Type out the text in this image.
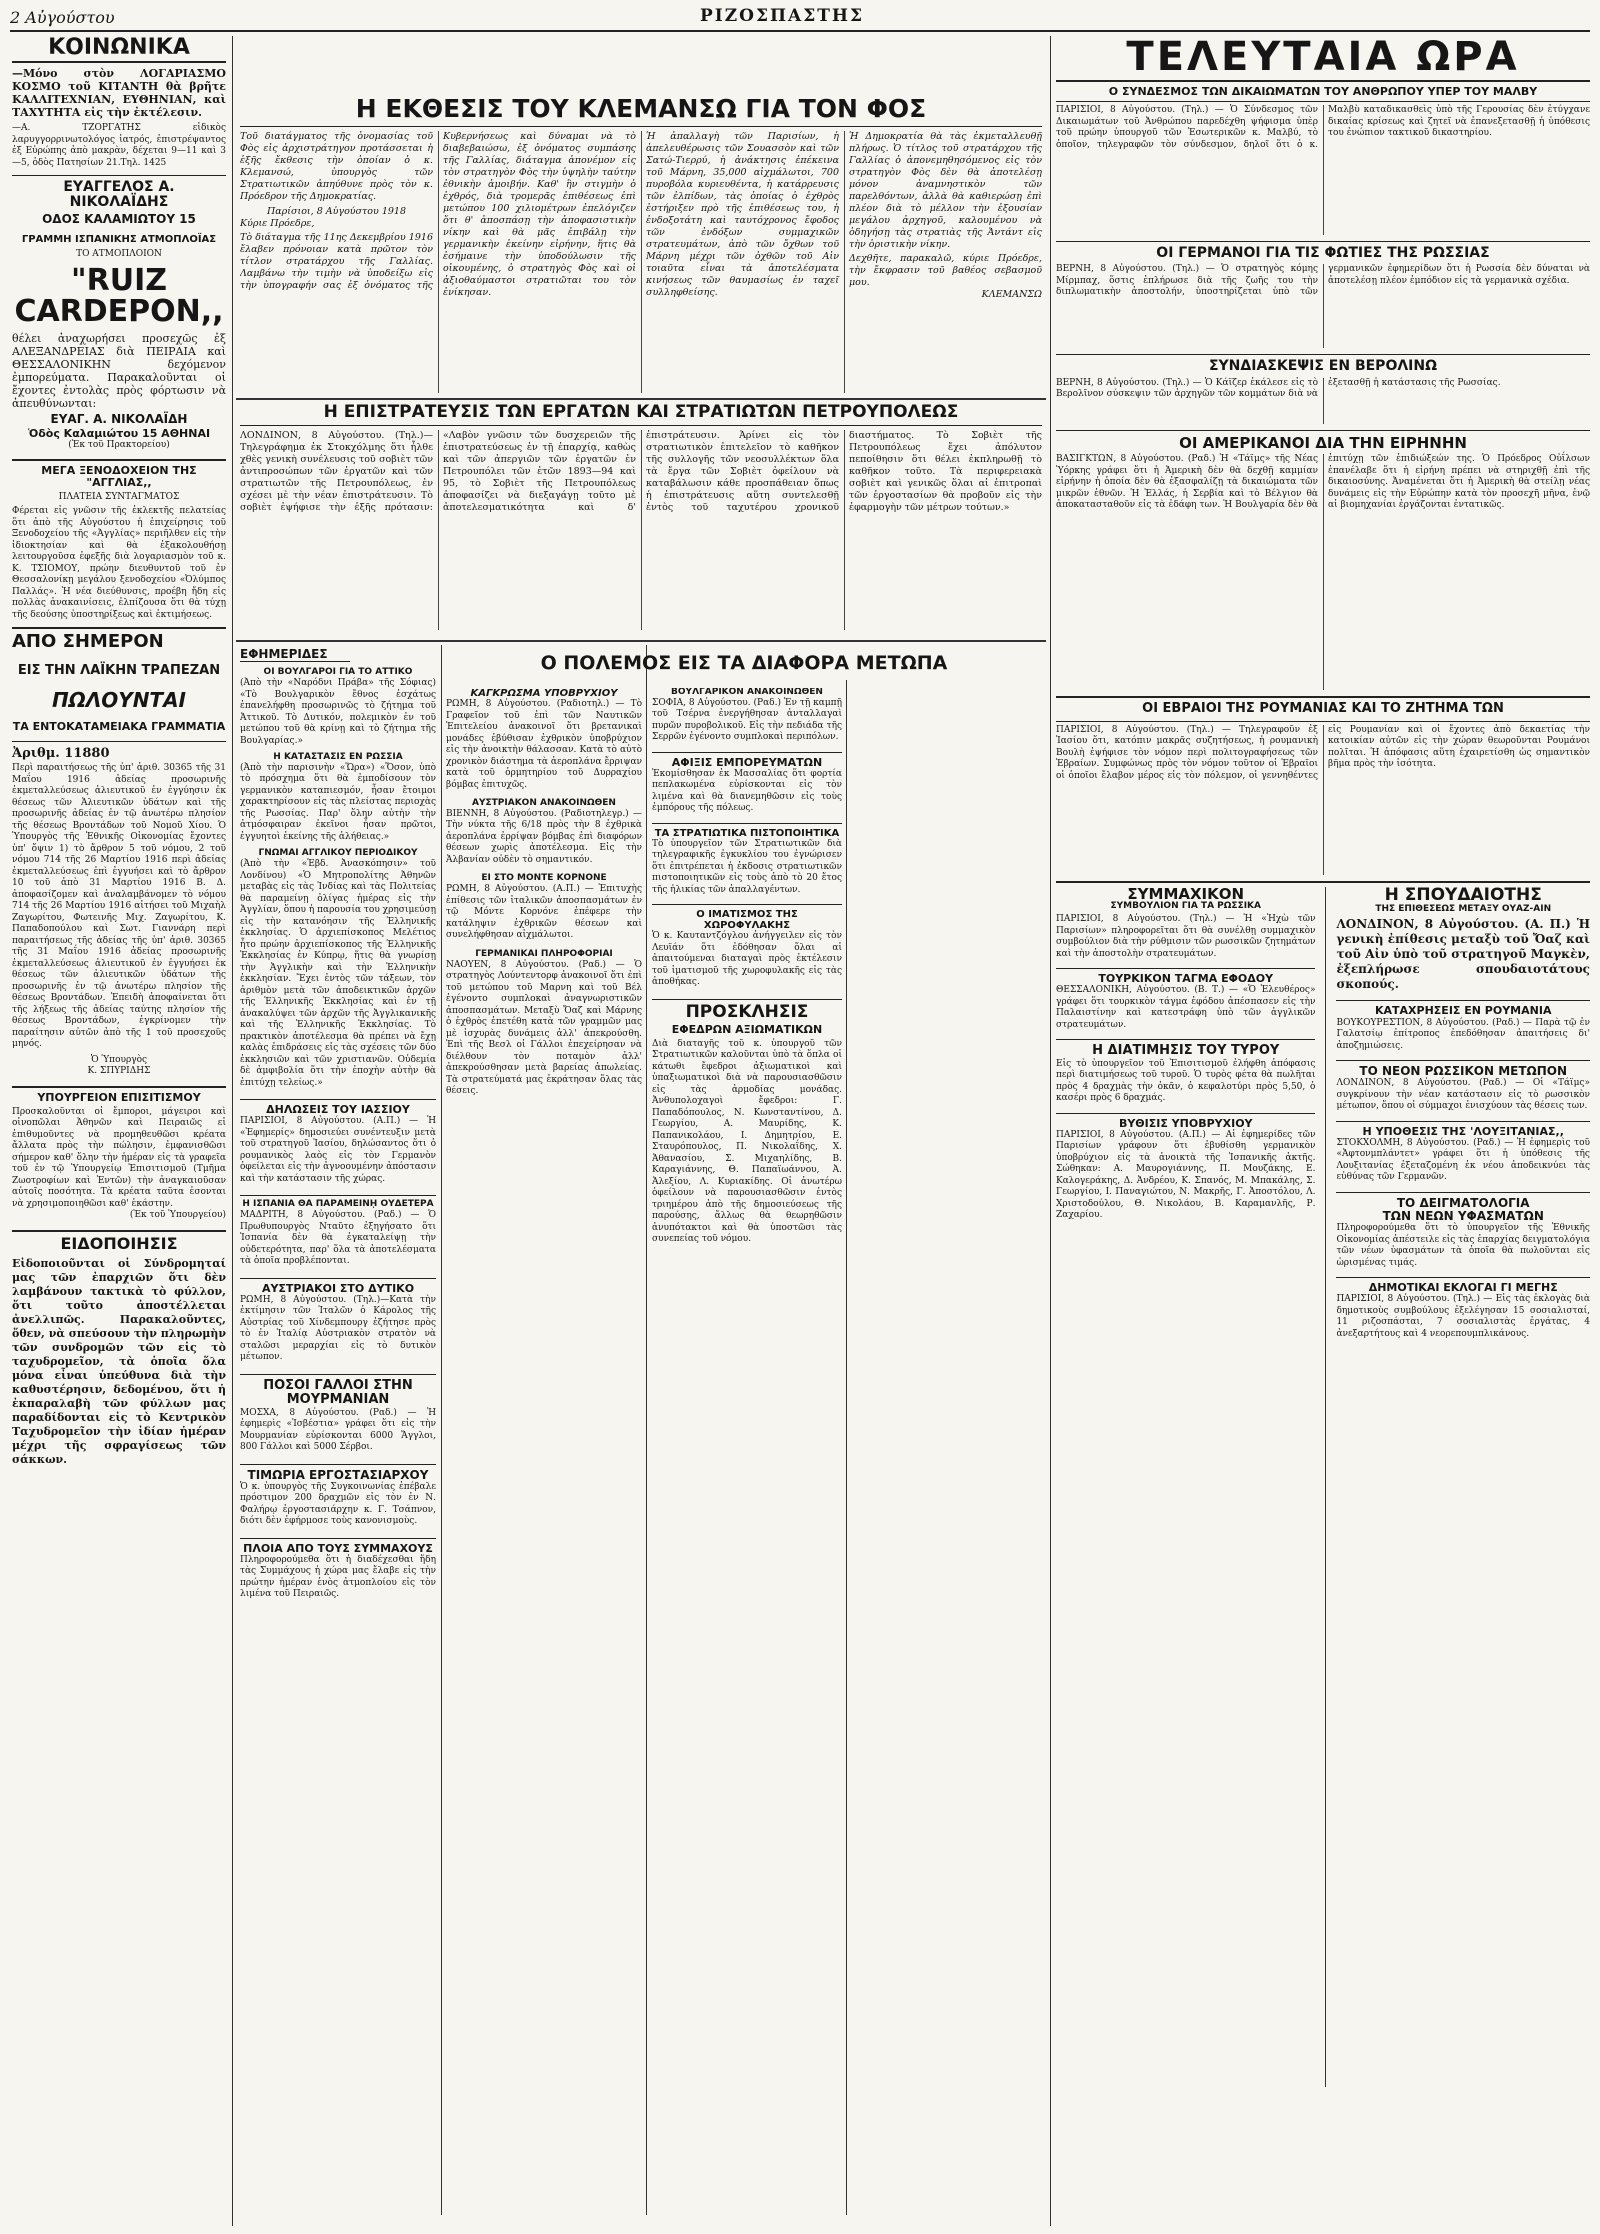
2 Αὐγούστου	ΡΙΖΟΣΠΑΣΤΗΣ
ΚΟΙΝΩΝΙΚΑ
—Μόνο στὸν ΛΟΓΑΡΙΑΣΜΟ ΚΟΣΜΟ τοῦ ΚΙΤΑΝΤΗ θὰ βρῆτε ΚΑΛΛΙΤΕΧΝΙΑΝ, ΕΥΘΗΝΙΑΝ, καὶ ΤΑΧΥΤΗΤΑ εἰς τὴν ἐκτέλεσιν.
—Α. ΤΖΟΡΓΑΤΗΣ εἰδικὸς λαρυγγορρινωτολόγος ἰατρός, ἐπιστρέψαντος ἐξ Εὐρώπης ἀπὸ μακρὰν, δέχεται 9—11 καὶ 3—5, ὁδὸς Πατησίων 21.Τηλ. 1425
ΕΥΑΓΓΕΛΟΣ Α. ΝΙΚΟΛΑΪΔΗΣ
ΟΔΟΣ ΚΑΛΑΜΙΩΤΟΥ 15
ΓΡΑΜΜΗ ΙΣΠΑΝΙΚΗΣ ΑΤΜΟΠΛΟΪΑΣ
ΤΟ ΑΤΜΟΠΛΟΙΟΝ
"RUIZ CARDEPON,,
θέλει ἀναχωρήσει προσεχῶς ἐξ ΑΛΕΞΑΝΔΡΕΙΑΣ διὰ ΠΕΙΡΑΙΑ καὶ ΘΕΣΣΑΛΟΝΙΚΗΝ δεχόμενον ἐμπορεύματα. Παρακαλοῦνται οἱ ἔχοντες ἐντολὰς πρὸς φόρτωσιν νὰ ἀπευθύνωνται:
ΕΥΑΓ. Α. ΝΙΚΟΛΑΪΔΗ
Ὁδὸς Καλαμιώτου 15 ΑΘΗΝΑΙ
(Ἐκ τοῦ Πρακτορείου)
ΜΕΓΑ ΞΕΝΟΔΟΧΕΙΟΝ ΤΗΣ "ΑΓΓΛΙΑΣ,,
ΠΛΑΤΕΙΑ ΣΥΝΤΑΓΜΑΤΟΣ
Φέρεται εἰς γνῶσιν τῆς ἐκλεκτῆς πελατείας ὅτι ἀπὸ τῆς Αὐγούστου ἡ ἐπιχείρησις τοῦ Ξενοδοχείου τῆς «Ἀγγλίας» περιῆλθεν εἰς τὴν ἰδιοκτησίαν καὶ θὰ ἐξακολουθήσῃ λειτουργοῦσα ἐφεξῆς διὰ λογαριασμὸν τοῦ κ. Κ. ΤΣΙΟΜΟΥ, πρώην διευθυντοῦ τοῦ ἐν Θεσσαλονίκῃ μεγάλου ξενοδοχείου «Ὀλύμπος Παλλάς». Ἡ νέα διεύθυνσις, προέβη ἤδη εἰς πολλὰς ἀνακαινίσεις, ἐλπίζουσα ὅτι θὰ τύχῃ τῆς δεούσης ὑποστηρίξεως καὶ ἐκτιμήσεως.
ΑΠΟ ΣΗΜΕΡΟΝ
ΕΙΣ ΤΗΝ ΛΑΪΚΗΝ ΤΡΑΠΕΖΑΝ
ΠΩΛΟΥΝΤΑΙ
ΤΑ ΕΝΤΟΚΑΤΑΜΕΙΑΚΑ ΓΡΑΜΜΑΤΙΑ
Ἀριθμ. 11880
Περὶ παραιτήσεως τῆς ὑπ' ἀριθ. 30365 τῆς 31 Μαΐου 1916 ἀδείας προσωρινῆς ἐκμεταλλεύσεως ἀλιευτικοῦ ἐν ἐγγύησιν ἐκ θέσεως τῶν Ἀλιευτικῶν ὑδάτων καὶ τῆς προσωρινῆς ἀδείας ἐν τῷ ἀνωτέρω πλησίον τῆς θέσεως Βροντάδων τοῦ Νομοῦ Χίου. Ὁ Ὑπουργὸς τῆς Ἐθνικῆς Οἰκονομίας ἔχοντες ὑπ' ὄψιν 1) τὸ ἄρθρον 5 τοῦ νόμου, 2 τοῦ νόμου 714 τῆς 26 Μαρτίου 1916 περὶ ἀδείας ἐκμεταλλεύσεως ἐπὶ ἐγγυήσει καὶ τὸ ἄρθρον 10 τοῦ ἀπὸ 31 Μαρτίου 1916 Β. Δ. ἀποφασίζομεν καὶ ἀναλαμβάνομεν τὸ νόμου 714 τῆς 26 Μαρτίου 1916 αἰτήσει τοῦ Μιχαὴλ Ζαγωρίτου, Φωτεινῆς Μιχ. Ζαγωρίτου, Κ. Παπαδοπούλου καὶ Σωτ. Γιαννάρη περὶ παραιτήσεως τῆς ἀδείας τῆς ὑπ' ἀριθ. 30365 τῆς 31 Μαΐου 1916 ἀδείας προσωρινῆς ἐκμεταλλεύσεως ἀλιευτικοῦ ἐν ἐγγυήσει ἐκ θέσεως τῶν ἀλιευτικῶν ὑδάτων τῆς προσωρινῆς ἐν τῷ ἀνωτέρω πλησίον τῆς θέσεως Βροντάδων. Ἐπειδὴ ἀποφαίνεται ὅτι τῆς λήξεως τῆς ἀδείας ταύτης πλησίον τῆς θέσεως Βροντάδων, ἐγκρίνομεν τὴν παραίτησιν αὐτῶν ἀπὸ τῆς 1 τοῦ προσεχοῦς μηνός.
Ὁ Ὑπουργὸς
Κ. ΣΠΥΡΙΔΗΣ
ΥΠΟΥΡΓΕΙΟΝ ΕΠΙΣΙΤΙΣΜΟΥ
Προσκαλοῦνται οἱ ἔμποροι, μάγειροι καὶ οἰνοπῶλαι Ἀθηνῶν καὶ Πειραιῶς εἰ ἐπιθυμοῦντες νὰ προμηθευθῶσι κρέατα ἄλλατα πρὸς τὴν πώλησιν, ἐμφανισθῶσι σήμερον καθ' ὅλην τὴν ἡμέραν εἰς τὰ γραφεῖα τοῦ ἐν τῷ Ὑπουργείῳ Ἐπισιτισμοῦ (Τμῆμα Ζωοτροφίων καὶ Ἐντῶν) τὴν ἀναγκαιοῦσαν αὐτοῖς ποσότητα. Τὰ κρέατα ταῦτα ἐσονται νὰ χρησιμοποιηθῶσι καθ' ἑκάστην.
(Ἐκ τοῦ Ὑπουργείου)
ΕΙΔΟΠΟΙΗΣΙΣ
Εἰδοποιοῦνται οἱ Σύνδρομηταί μας τῶν ἐπαρχιῶν ὅτι δὲν λαμβάνουν τακτικὰ τὸ φύλλον, ὅτι τοῦτο ἀποστέλλεται ἀνελλιπῶς. Παρακαλοῦντες, ὅθεν, νὰ σπεύσουν τὴν πληρωμὴν τῶν συνδρομῶν τῶν εἰς τὸ ταχυδρομεῖον, τὰ ὁποῖα ὅλα μόνα εἶναι ὑπεύθυνα διὰ τὴν καθυστέρησιν, δεδομένου, ὅτι ἡ ἐκπαραλαβὴ τῶν φύλλων μας παραδίδονται εἰς τὸ Κεντρικὸν Ταχυδρομεῖον τὴν ἰδίαν ἡμέραν μέχρι τῆς σφραγίσεως τῶν σάκκων.
Η ΕΚΘΕΣΙΣ ΤΟΥ ΚΛΕΜΑΝΣΩ ΓΙΑ ΤΟΝ ΦΟΣ
Τοῦ διατάγματος τῆς ὀνομασίας τοῦ Φὸς εἰς ἀρχιστράτηγον προτάσσεται ἡ ἑξῆς ἔκθεσις τὴν ὁποίαν ὁ κ. Κλεμανσώ, ὑπουργὸς τῶν Στρατιωτικῶν ἀπηύθυνε πρὸς τὸν κ. Πρόεδρον τῆς Δημοκρατίας.
Παρίσιοι, 8 Αὐγούστου 1918
Κύριε Πρόεδρε,
Τὸ διάταγμα τῆς 11ης Δεκεμβρίου 1916 ἔλαβεν πρόνοιαν κατὰ πρῶτον τὸν τίτλον στρατάρχου τῆς Γαλλίας. Λαμβάνω τὴν τιμὴν νὰ ὑποδείξω εἰς τὴν ὑπογραφήν σας ἐξ ὀνόματος τῆς Κυβερνήσεως καὶ δύναμαι νὰ τὸ διαβεβαιώσω, ἐξ ὀνόματος συμπάσης τῆς Γαλλίας, διάταγμα ἀπονέμον εἰς τὸν στρατηγὸν Φὸς τὴν ὑψηλὴν ταύτην ἐθνικὴν ἀμοιβήν. Καθ' ἣν στιγμὴν ὁ ἐχθρός, διὰ τρομερᾶς ἐπιθέσεως ἐπὶ μετώπου 100 χιλιομέτρων ἐπελόγιζεν ὅτι θ' ἀποσπάσῃ τὴν ἀποφασιστικὴν νίκην καὶ θὰ μᾶς ἐπιβάλῃ τὴν γερμανικὴν ἐκείνην εἰρήνην, ἥτις θὰ ἐσήμαινε τὴν ὑποδούλωσιν τῆς οἰκουμένης, ὁ στρατηγὸς Φὸς καὶ οἱ ἀξιοθαύμαστοι στρατιῶται του τὸν ἐνίκησαν.
Ἡ ἀπαλλαγὴ τῶν Παρισίων, ἡ ἀπελευθέρωσις τῶν Σουασσὸν καὶ τῶν Σατώ-Τιερρύ, ἡ ἀνάκτησις ἐπέκεινα τοῦ Μάρνη, 35,000 αἰχμάλωτοι, 700 πυροβόλα κυριευθέντα, ἡ κατάρρευσις τῶν ἐλπίδων, τὰς ὁποίας ὁ ἐχθρὸς ἐστήριξεν πρὸ τῆς ἐπιθέσεως του, ἡ ἐνδοξοτάτη καὶ ταυτόχρονος ἔφοδος τῶν ἐνδόξων συμμαχικῶν στρατευμάτων, ἀπὸ τῶν ὄχθων τοῦ Μάρνη μέχρι τῶν ὀχθῶν τοῦ Αἰν τοιαῦτα εἶναι τὰ ἀποτελέσματα κινήσεως τῶν θαυμασίως ἐν ταχεῖ συλληφθείσης.
Ἡ Δημοκρατία θὰ τὰς ἐκμεταλλευθῇ πλήρως. Ὁ τίτλος τοῦ στρατάρχου τῆς Γαλλίας ὁ ἀπονεμηθησόμενος εἰς τὸν στρατηγὸν Φὸς δὲν θὰ ἀποτελέσῃ μόνον ἀναμνηστικὸν τῶν παρελθόντων, ἀλλὰ θὰ καθιερώσῃ ἐπὶ πλέον διὰ τὸ μέλλον τὴν ἐξουσίαν μεγάλου ἀρχηγοῦ, καλουμένου νὰ ὁδηγήσῃ τὰς στρατιὰς τῆς Ἀντάντ εἰς τὴν ὁριστικὴν νίκην.
Δεχθῆτε, παρακαλῶ, κύριε Πρόεδρε, τὴν ἔκφρασιν τοῦ βαθέος σεβασμοῦ μου.
ΚΛΕΜΑΝΣΩ
Η ΕΠΙΣΤΡΑΤΕΥΣΙΣ ΤΩΝ ΕΡΓΑΤΩΝ ΚΑΙ ΣΤΡΑΤΙΩΤΩΝ ΠΕΤΡΟΥΠΟΛΕΩΣ
ΛΟΝΔΙΝΟΝ, 8 Αὐγούστου. (Τηλ.)—Τηλεγράφημα ἐκ Στοκχόλμης ὅτι ἦλθε χθὲς γενικὴ συνέλευσις τοῦ σοβιὲτ τῶν ἀντιπροσώπων τῶν ἐργατῶν καὶ τῶν στρατιωτῶν τῆς Πετρουπόλεως, ἐν σχέσει μὲ τὴν νέαν ἐπιστράτευσιν. Τὸ σοβιὲτ ἐψήφισε τὴν ἑξῆς πρότασιν: «Λαβὸν γνῶσιν τῶν δυσχερειῶν τῆς ἐπιστρατεύσεως ἐν τῇ ἐπαρχίᾳ, καθὼς καὶ τῶν ἀπεργιῶν τῶν ἐργατῶν ἐν Πετρουπόλει τῶν ἐτῶν 1893—94 καὶ 95, τὸ Σοβιὲτ τῆς Πετρουπόλεως ἀποφασίζει νὰ διεξαγάγῃ τοῦτο μὲ ἀποτελεσματικότητα καὶ δ' ἐπιστράτευσιν. Ἀρίνει εἰς τὸν στρατιωτικὸν ἐπιτελεῖον τὸ καθῆκον τῆς συλλογῆς τῶν νεοσυλλέκτων ὅλα τὰ ἔργα τῶν Σοβιὲτ ὀφείλουν νὰ καταβάλωσιν κάθε προσπάθειαν ὅπως ἡ ἐπιστράτευσις αὕτη συντελεσθῇ ἐντὸς τοῦ ταχυτέρου χρονικοῦ διαστήματος. Τὸ Σοβιὲτ τῆς Πετρουπόλεως ἔχει ἀπόλυτον πεποίθησιν ὅτι θέλει ἐκπληρωθῇ τὸ καθῆκον τοῦτο. Τὰ περιφερειακὰ σοβιὲτ καὶ γενικῶς ὅλαι αἱ ἐπιτροπαὶ τῶν ἐργοστασίων θὰ προβοῦν εἰς τὴν ἐφαρμογὴν τῶν μέτρων τούτων.»
ΕΦΗΜΕΡΙΔΕΣ
ΟΙ ΒΟΥΛΓΑΡΟΙ ΓΙΑ ΤΟ ΑΤΤΙΚΟ
(Ἀπὸ τὴν «Ναρόδνι Πράβα» τῆς Σόφιας) «Τὸ Βουλγαρικὸν ἔθνος ἐσχάτως ἐπανελήφθη προσωρινῶς τὸ ζήτημα τοῦ Ἀττικοῦ. Τὸ Δυτικόν, πολεμικὸν ἐν τοῦ μετώπου τοῦ θὰ κρίνῃ καὶ τὸ ζήτημα τῆς Βουλγαρίας.»
Η ΚΑΤΑΣΤΑΣΙΣ ΕΝ ΡΩΣΣΙΑ
(Ἀπὸ τὴν παρισινὴν «Ὥρα») «Ὅσον, ὑπὸ τὸ πρόσχημα ὅτι θὰ ἐμποδίσουν τὸν γερμανικὸν καταπιεσμόν, ἦσαν ἔτοιμοι χαρακτηρίσουν εἰς τὰς πλείστας περιοχὰς τῆς Ρωσσίας. Παρ' ὅλην αὐτὴν τὴν ἀτμόσφαιραν ἐκεῖνοι ἦσαν πρῶτοι, ἐγγυητοὶ ἐκείνης τῆς ἀλήθειας.»
ΓΝΩΜΑΙ ΑΓΓΛΙΚΟΥ ΠΕΡΙΟΔΙΚΟΥ
(Ἀπὸ τὴν «Ἑβδ. Ἀνασκόπησιν» τοῦ Λονδίνου) «Ὁ Μητροπολίτης Ἀθηνῶν μεταβὰς εἰς τὰς Ἰνδίας καὶ τὰς Πολιτείας θὰ παραμείνῃ ὀλίγας ἡμέρας εἰς τὴν Ἀγγλίαν, ὅπου ἡ παρουσία του χρησιμεύσῃ εἰς τὴν κατανόησιν τῆς Ἑλληνικῆς ἐκκλησίας. Ὁ ἀρχιεπίσκοπος Μελέτιος ἦτο πρώην ἀρχιεπίσκοπος τῆς Ἑλληνικῆς Ἐκκλησίας ἐν Κύπρῳ, ἥτις θὰ γνωρίσῃ τὴν Ἀγγλικὴν καὶ τὴν Ἑλληνικὴν ἐκκλησίαν. Ἔχει ἐντὸς τῶν τάξεων, τὸν ἀριθμὸν μετὰ τῶν ἀποδεικτικῶν ἀρχῶν τῆς Ἑλληνικῆς Ἐκκλησίας καὶ ἐν τῇ ἀνακαλύψει τῶν ἀρχῶν τῆς Ἀγγλικανικῆς καὶ τῆς Ἑλληνικῆς Ἐκκλησίας. Τὸ πρακτικὸν ἀποτέλεσμα θὰ πρέπει νὰ ἔχῃ καλὰς ἐπιδράσεις εἰς τὰς σχέσεις τῶν δύο ἐκκλησιῶν καὶ τῶν χριστιανῶν. Οὐδεμία δὲ ἀμφιβολία ὅτι τὴν ἐποχὴν αὐτὴν θὰ ἐπιτύχῃ τελείως.»
ΔΗΛΩΣΕΙΣ ΤΟΥ ΙΑΣΣΙΟΥ
ΠΑΡΙΣΙΟΙ, 8 Αὐγούστου. (Α.Π.) — Ἡ «Ἐφημερίς» δημοσιεύει συνέντευξιν μετὰ τοῦ στρατηγοῦ Ἰασίου, δηλώσαντος ὅτι ὁ ρουμανικὸς λαὸς εἰς τὸν Γερμανὸν ὀφείλεται εἰς τὴν ἀγνοουμένην ἀπόστασιν καὶ τὴν κατάστασιν τῆς χώρας.
Η ΙΣΠΑΝΙΑ ΘΑ ΠΑΡΑΜΕΙΝῌ ΟΥΔΕΤΕΡΑ
ΜΑΔΡΙΤΗ, 8 Αὐγούστου. (Ραδ.) — Ὁ Πρωθυπουργὸς Νταῦτο ἐξηγήσατο ὅτι Ἰσπανία δὲν θὰ ἐγκαταλείψῃ τὴν οὐδετερότητα, παρ' ὅλα τὰ ἀποτελέσματα τὰ ὁποῖα προβλέπονται.
ΑΥΣΤΡΙΑΚΟΙ ΣΤΟ ΔΥΤΙΚΟ
ΡΩΜΗ, 8 Αὐγούστου. (Τηλ.)—Κατὰ τὴν ἐκτίμησιν τῶν Ἰταλῶν ὁ Κάρολος τῆς Αὐστρίας τοῦ Χίνδεμπουργ ἐζήτησε πρὸς τὸ ἐν Ἰταλίᾳ Αὐστριακὸν στρατὸν νὰ σταλῶσι μεραρχίαι εἰς τὸ δυτικὸν μέτωπον.
ΠΟΣΟΙ ΓΑΛΛΟΙ ΣΤΗΝ ΜΟΥΡΜΑΝΙΑΝ
ΜΟΣΧΑ, 8 Αὐγούστου. (Ραδ.) — Ἡ ἐφημερὶς «Ἰσβέστια» γράφει ὅτι εἰς τὴν Μουρμανίαν εὑρίσκονται 6000 Ἄγγλοι, 800 Γάλλοι καὶ 5000 Σέρβοι.
ΤΙΜΩΡΙΑ ΕΡΓΟΣΤΑΣΙΑΡΧΟΥ
Ὁ κ. ὑπουργὸς τῆς Συγκοινωνίας ἐπέβαλε πρόστιμον 200 δραχμῶν εἰς τὸν ἐν Ν. Φαλήρῳ ἐργοστασιάρχην κ. Γ. Τσάπνον, διότι δὲν ἐφήρμοσε τοὺς κανονισμοὺς.
ΠΛΟΙΑ ΑΠΟ ΤΟΥΣ ΣΥΜΜΑΧΟΥΣ
Πληροφορούμεθα ὅτι ἡ διαδέχεσθαι ἥδη τὰς Συμμάχους ἡ χώρα μας ἔλαβε εἰς τὴν πρώτην ἡμέραν ἑνὸς ἀτμοπλοίου εἰς τὸν λιμένα τοῦ Πειραιῶς.
Ο ΠΟΛΕΜΟΣ ΕΙΣ ΤΑ ΔΙΑΦΟΡΑ ΜΕΤΩΠΑ
ΚΑΓΚΡΩΣΜΑ ΥΠΟΒΡΥΧΙΟΥ
ΡΩΜΗ, 8 Αὐγούστου. (Ραδιοτηλ.) — Τὸ Γραφεῖον τοῦ ἐπὶ τῶν Ναυτικῶν Ἐπιτελείου ἀνακοινοῖ ὅτι βρετανικαὶ μονάδες ἐβύθισαν ἐχθρικὸν ὑποβρύχιον εἰς τὴν ἀνοικτὴν θάλασσαν. Κατὰ τὸ αὐτὸ χρονικὸν διάστημα τὰ ἀεροπλάνα ἔρριψαν κατὰ τοῦ ὁρμητηρίου τοῦ Δυρραχίου βόμβας ἐπιτυχῶς.
ΑΥΣΤΡΙΑΚΟΝ ΑΝΑΚΟΙΝΩΘΕΝ
ΒΙΕΝΝΗ, 8 Αὐγούστου. (Ραδιοτηλεγρ.) — Τὴν νύκτα τῆς 6/18 πρὸς τὴν 8 ἐχθρικὰ ἀεροπλάνα ἐρρίψαν βόμβας ἐπὶ διαφόρων θέσεων χωρὶς ἀποτέλεσμα. Εἰς τὴν Ἀλβανίαν οὐδὲν τὸ σημαντικόν.
ΕΙ ΣΤΟ ΜΟΝΤΕ ΚΟΡΝΟΝΕ
ΡΩΜΗ, 8 Αὐγούστου. (Α.Π.) — Ἐπιτυχὴς ἐπίθεσις τῶν ἰταλικῶν ἀποσπασμάτων ἐν τῷ Μόντε Κορνόνε ἐπέφερε τὴν κατάληψιν ἐχθρικῶν θέσεων καὶ συνελήφθησαν αἰχμάλωτοι.
ΓΕΡΜΑΝΙΚΑΙ ΠΛΗΡΟΦΟΡΙΑΙ
ΝΑΟΥΕΝ, 8 Αὐγούστου. (Ραδ.) — Ὁ στρατηγὸς Λούντεντορφ ἀνακοινοῖ ὅτι ἐπὶ τοῦ μετώπου τοῦ Μαρνη καὶ τοῦ Βέλ ἐγένοντο συμπλοκαὶ ἀναγνωριστικῶν ἀποσπασμάτων. Μεταξὺ Ὄαζ καὶ Μάρνης ὁ ἐχθρὸς ἐπετέθη κατὰ τῶν γραμμῶν μας μὲ ἰσχυρὰς δυνάμεις ἀλλ' ἀπεκρούσθη. Ἐπὶ τῆς Βεσλ οἱ Γάλλοι ἐπεχείρησαν νὰ διέλθουν τὸν ποταμὸν ἀλλ' ἀπεκρούσθησαν μετὰ βαρείας ἀπωλείας. Τὰ στρατεύματά μας ἐκράτησαν ὅλας τὰς θέσεις.
ΒΟΥΛΓΑΡΙΚΟΝ ΑΝΑΚΟΙΝΩΘΕΝ
ΣΟΦΙΑ, 8 Αὐγούστου. (Ραδ.) Ἐν τῇ καμπῇ τοῦ Τσέρνα ἐνεργήθησαν ἀνταλλαγαὶ πυρῶν πυροβολικοῦ. Εἰς τὴν πεδιάδα τῆς Σερρῶν ἐγένοντο συμπλοκαὶ περιπόλων.
ΑΦΙΞΙΣ ΕΜΠΟΡΕΥΜΑΤΩΝ
Ἐκομίσθησαν ἐκ Μασσαλίας ὅτι φορτία πεπλακωμένα εὑρίσκονται εἰς τὸν λιμένα καὶ θὰ διανεμηθῶσιν εἰς τοὺς ἐμπόρους τῆς πόλεως.
ΤΑ ΣΤΡΑΤΙΩΤΙΚΑ ΠΙΣΤΟΠΟΙΗΤΙΚΑ
Τὸ ὑπουργεῖον τῶν Στρατιωτικῶν διὰ τηλεγραφικῆς ἐγκυκλίου του ἐγνώρισεν ὅτι ἐπιτρέπεται ἡ ἐκδοσις στρατιωτικῶν πιστοποιητικῶν εἰς τοὺς ἀπὸ τὸ 20 ἔτος τῆς ἡλικίας τῶν ἀπαλλαγέντων.
Ο ΙΜΑΤΙΣΜΟΣ ΤΗΣ ΧΩΡΟΦΥΛΑΚΗΣ
Ὁ κ. Καυταντζόγλου ἀνήγγειλεν εἰς τὸν Λευϊάν ὅτι ἐδόθησαν ὅλαι αἱ ἀπαιτούμεναι διαταγαὶ πρὸς ἐκτέλεσιν τοῦ ἱματισμοῦ τῆς χωροφυλακῆς εἰς τὰς ἀποθήκας.
ΠΡΟΣΚΛΗΣΙΣ
ΕΦΕΔΡΩΝ ΑΞΙΩΜΑΤΙΚΩΝ
Διὰ διαταγῆς τοῦ κ. ὑπουργοῦ τῶν Στρατιωτικῶν καλοῦνται ὑπὸ τὰ ὅπλα οἱ κάτωθι ἔφεδροι ἀξιωματικοὶ καὶ ὑπαξιωματικοὶ διὰ νὰ παρουσιασθῶσιν εἰς τὰς ἀρμοδίας μονάδας. Ἀνθυπολοχαγοὶ ἔφεδροι: Γ. Παπαδόπουλος, Ν. Κωνσταντίνου, Δ. Γεωργίου, Α. Μαυρίδης, Κ. Παπανικολάου, Ι. Δημητρίου, Ε. Σταυρόπουλος, Π. Νικολαΐδης, Χ. Ἀθανασίου, Σ. Μιχαηλίδης, Β. Καραγιάννης, Θ. Παπαϊωάννου, Ἀ. Ἀλεξίου, Λ. Κυριακίδης. Οἱ ἀνωτέρω ὀφείλουν νὰ παρουσιασθῶσιν ἐντὸς τριημέρου ἀπὸ τῆς δημοσιεύσεως τῆς παρούσης, ἄλλως θὰ θεωρηθῶσιν ἀνυπότακτοι καὶ θὰ ὑποστῶσι τὰς συνεπείας τοῦ νόμου.
ΤΕΛΕΥΤΑΙΑ ΩΡΑ
Ο ΣΥΝΔΕΣΜΟΣ ΤΩΝ ΔΙΚΑΙΩΜΑΤΩΝ ΤΟΥ ΑΝΘΡΩΠΟΥ ΥΠΕΡ ΤΟΥ ΜΑΛΒΥ
ΠΑΡΙΣΙΟΙ, 8 Αὐγούστου. (Τηλ.) — Ὁ Σύνδεσμος τῶν Δικαιωμάτων τοῦ Ἀνθρώπου παρεδέχθη ψήφισμα ὑπὲρ τοῦ πρώην ὑπουργοῦ τῶν Ἐσωτερικῶν κ. Μαλβύ, τὸ ὁποῖον, τηλεγραφῶν τὸν σύνδεσμον, δηλοῖ ὅτι ὁ κ. Μαλβὺ καταδικασθεὶς ὑπὸ τῆς Γερουσίας δὲν ἐτύγχανε δικαίας κρίσεως καὶ ζητεῖ νὰ ἐπανεξετασθῇ ἡ ὑπόθεσις του ἐνώπιον τακτικοῦ δικαστηρίου.
ΟΙ ΓΕΡΜΑΝΟΙ ΓΙΑ ΤΙΣ ΦΩΤΙΕΣ ΤΗΣ ΡΩΣΣΙΑΣ
ΒΕΡΝΗ, 8 Αὐγούστου. (Τηλ.) — Ὁ στρατηγὸς κόμης Μίρμπαχ, ὅστις ἐπλήρωσε διὰ τῆς ζωῆς του τὴν διπλωματικὴν ἀποστολήν, ὑποστηρίζεται ὑπὸ τῶν γερμανικῶν ἐφημερίδων ὅτι ἡ Ρωσσία δὲν δύναται νὰ ἀποτελέσῃ πλέον ἐμπόδιον εἰς τὰ γερμανικὰ σχέδια.
ΣΥΝΔΙΑΣΚΕΨΙΣ ΕΝ ΒΕΡΟΛΙΝΩ
ΒΕΡΝΗ, 8 Αὐγούστου. (Τηλ.) — Ὁ Κάϊζερ ἐκάλεσε εἰς τὸ Βερολῖνον σύσκεψιν τῶν ἀρχηγῶν τῶν κομμάτων διὰ νὰ ἐξετασθῇ ἡ κατάστασις τῆς Ρωσσίας.
ΟΙ ΑΜΕΡΙΚΑΝΟΙ ΔΙΑ ΤΗΝ ΕΙΡΗΝΗΝ
ΒΑΣΙΓΚΤΩΝ, 8 Αὐγούστου. (Ραδ.) Ἡ «Τάϊμς» τῆς Νέας Ὑόρκης γράφει ὅτι ἡ Ἀμερικὴ δὲν θὰ δεχθῇ καμμίαν εἰρήνην ἡ ὁποία δὲν θὰ ἐξασφαλίζῃ τὰ δικαιώματα τῶν μικρῶν ἐθνῶν. Ἡ Ἑλλάς, ἡ Σερβία καὶ τὸ Βέλγιον θὰ ἀποκατασταθοῦν εἰς τὰ ἐδάφη των. Ἡ Βουλγαρία δὲν θὰ ἐπιτύχῃ τῶν ἐπιδιώξεών της. Ὁ Πρόεδρος Οὐΐλσων ἐπανέλαβε ὅτι ἡ εἰρήνη πρέπει νὰ στηριχθῇ ἐπὶ τῆς δικαιοσύνης. Ἀναμένεται ὅτι ἡ Ἀμερικὴ θὰ στείλῃ νέας δυνάμεις εἰς τὴν Εὐρώπην κατὰ τὸν προσεχῆ μῆνα, ἐνῷ αἱ βιομηχανίαι ἐργάζονται ἐντατικῶς.
ΟΙ ΕΒΡΑΙΟΙ ΤΗΣ ΡΟΥΜΑΝΙΑΣ ΚΑΙ ΤΟ ΖΗΤΗΜΑ ΤΩΝ
ΠΑΡΙΣΙΟΙ, 8 Αὐγούστου. (Τηλ.) — Τηλεγραφοῦν ἐξ Ἰασίου ὅτι, κατόπιν μακρᾶς συζητήσεως, ἡ ρουμανικὴ Βουλὴ ἐψήφισε τὸν νόμον περὶ πολιτογραφήσεως τῶν Ἑβραίων. Συμφώνως πρὸς τὸν νόμον τοῦτον οἱ Ἑβραῖοι οἱ ὁποῖοι ἔλαβον μέρος εἰς τὸν πόλεμον, οἱ γεννηθέντες εἰς Ρουμανίαν καὶ οἱ ἔχοντες ἀπὸ δεκαετίας τὴν κατοικίαν αὐτῶν εἰς τὴν χώραν θεωροῦνται Ρουμάνοι πολῖται. Ἡ ἀπόφασις αὕτη ἐχαιρετίσθη ὡς σημαντικὸν βῆμα πρὸς τὴν ἰσότητα.
ΣΥΜΜΑΧΙΚΟΝ
ΣΥΜΒΟΥΛΙΟΝ ΓΙΑ ΤΑ ΡΩΣΣΙΚΑ
ΠΑΡΙΣΙΟΙ, 8 Αὐγούστου. (Τηλ.) — Ἡ «Ἠχὼ τῶν Παρισίων» πληροφορεῖται ὅτι θὰ συνέλθῃ συμμαχικὸν συμβούλιον διὰ τὴν ρύθμισιν τῶν ρωσσικῶν ζητημάτων καὶ τὴν ἀποστολὴν στρατευμάτων.
ΤΟΥΡΚΙΚΟΝ ΤΑΓΜΑ ΕΦΟΔΟΥ
ΘΕΣΣΑΛΟΝΙΚΗ, Αὐγούστου. (Β. Τ.) — «Ὁ Ἐλευθέρος» γράφει ὅτι τουρκικὸν τάγμα ἐφόδου ἀπέσπασεν εἰς τὴν Παλαιστίνην καὶ κατεστράφη ὑπὸ τῶν ἀγγλικῶν στρατευμάτων.
Η ΔΙΑΤΙΜΗΣΙΣ ΤΟΥ ΤΥΡΟΥ
Εἰς τὸ ὑπουργεῖον τοῦ Ἐπισιτισμοῦ ἐλήφθη ἀπόφασις περὶ διατιμήσεως τοῦ τυροῦ. Ὁ τυρὸς φέτα θὰ πωλῆται πρὸς 4 δραχμὰς τὴν ὀκᾶν, ὁ κεφαλοτύρι πρὸς 5,50, ὁ κασέρι πρὸς 6 δραχμάς.
ΒΥΘΙΣΙΣ ΥΠΟΒΡΥΧΙΟΥ
ΠΑΡΙΣΙΟΙ, 8 Αὐγούστου. (Α.Π.) — Αἱ ἐφημερίδες τῶν Παρισίων γράφουν ὅτι ἐβυθίσθη γερμανικὸν ὑποβρύχιον εἰς τὰ ἀνοικτὰ τῆς Ἰσπανικῆς ἀκτῆς. Σώθηκαν: Α. Μαυρογιάννης, Π. Μουζάκης, Ε. Καλογεράκης, Δ. Ἀνδρέου, Κ. Σπανός, Μ. Μπακάλης, Σ. Γεωργίου, Ι. Παναγιώτου, Ν. Μακρῆς, Γ. Ἀποστόλου, Λ. Χριστοδούλου, Θ. Νικολάου, Β. Καραμανλῆς, Ρ. Ζαχαρίου.
Η ΣΠΟΥΔΑΙΟΤΗΣ
ΤΗΣ ΕΠΙΘΕΣΕΩΣ ΜΕΤΑΞΥ ΟΥΑΖ-ΑΙΝ
ΛΟΝΔΙΝΟΝ, 8 Αὐγούστου. (Α. Π.) Ἡ γενικὴ ἐπίθεσις μεταξὺ τοῦ Ὄαζ καὶ τοῦ Αἰν ὑπὸ τοῦ στρατηγοῦ Μαγκὲν, ἐξεπλήρωσε σπουδαιοτάτους σκοπούς.
ΚΑΤΑΧΡΗΣΕΙΣ ΕΝ ΡΟΥΜΑΝΙΑ
ΒΟΥΚΟΥΡΕΣΤΙΟΝ, 8 Αὐγούστου. (Ραδ.) — Παρὰ τῷ ἐν Γαλατσίῳ ἐπίτροπος ἐπεδόθησαν ἀπαιτήσεις δι' ἀποζημιώσεις.
ΤΟ ΝΕΟΝ ΡΩΣΣΙΚΟΝ ΜΕΤΩΠΟΝ
ΛΟΝΔΙΝΟΝ, 8 Αὐγούστου. (Ραδ.) — Οἱ «Τάϊμς» συγκρίνουν τὴν νέαν κατάστασιν εἰς τὸ ρωσσικὸν μέτωπον, ὅπου οἱ σύμμαχοι ἐνισχύουν τὰς θέσεις των.
Η ΥΠΟΘΕΣΙΣ ΤΗΣ 'ΛΟΥΞΙΤΑΝΙΑΣ,,
ΣΤΟΚΧΟΛΜΗ, 8 Αὐγούστου. (Ραδ.) — Ἡ ἐφημερὶς τοῦ «Ἀφτονμπλάντετ» γράφει ὅτι ἡ ὑπόθεσις τῆς Λουξιτανίας ἐξεταζομένη ἐκ νέου ἀποδεικνύει τὰς εὐθύνας τῶν Γερμανῶν.
ΤΟ ΔΕΙΓΜΑΤΟΛΟΓΙΑ
ΤΩΝ ΝΕΩΝ ΥΦΑΣΜΑΤΩΝ
Πληροφορούμεθα ὅτι τὸ ὑπουργεῖον τῆς Ἐθνικῆς Οἰκονομίας ἀπέστειλε εἰς τὰς ἐπαρχίας δειγματολόγια τῶν νέων ὑφασμάτων τὰ ὁποῖα θὰ πωλοῦνται εἰς ὡρισμένας τιμάς.
ΔΗΜΟΤΙΚΑΙ ΕΚΛΟΓΑΙ ΓΙ ΜΕΓΗΣ
ΠΑΡΙΣΙΟΙ, 8 Αὐγούστου. (Τηλ.) — Εἰς τὰς ἐκλογὰς διὰ δημοτικοὺς συμβούλους ἐξελέγησαν 15 σοσιαλισταί, 11 ριζοσπάσται, 7 σοσιαλιστὰς ἐργάτας, 4 ἀνεξαρτήτους καὶ 4 νεορεπουμπλικάνους.
